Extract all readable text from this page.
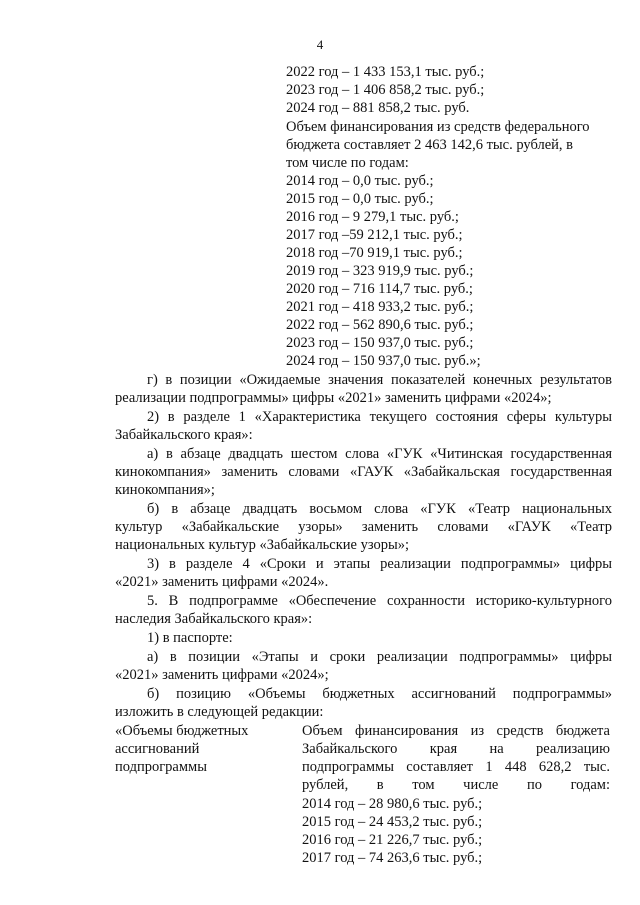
4
2022 год – 1 433 153,1 тыс. руб.;
2023 год – 1 406 858,2 тыс. руб.;
2024 год – 881 858,2 тыс. руб.
Объем финансирования из средств федерального
бюджета составляет 2 463 142,6 тыс. рублей, в
том числе по годам:
2014 год – 0,0 тыс. руб.;
2015 год – 0,0 тыс. руб.;
2016 год – 9 279,1 тыс. руб.;
2017 год –59 212,1 тыс. руб.;
2018 год –70 919,1 тыс. руб.;
2019 год – 323 919,9 тыс. руб.;
2020 год – 716 114,7 тыс. руб.;
2021 год – 418 933,2 тыс. руб.;
2022 год – 562 890,6 тыс. руб.;
2023 год – 150 937,0 тыс. руб.;
2024 год – 150 937,0 тыс. руб.»;
г) в позиции «Ожидаемые значения показателей конечных результатов
реализации подпрограммы» цифры «2021» заменить цифрами «2024»;
2) в разделе 1 «Характеристика текущего состояния сферы культуры
Забайкальского края»:
а) в абзаце двадцать шестом слова «ГУК «Читинская государственная
кинокомпания» заменить словами «ГАУК «Забайкальская государственная
кинокомпания»;
б) в абзаце двадцать восьмом слова «ГУК «Театр национальных
культур «Забайкальские узоры» заменить словами «ГАУК «Театр
национальных культур «Забайкальские узоры»;
3) в разделе 4 «Сроки и этапы реализации подпрограммы» цифры
«2021» заменить цифрами «2024».
5. В подпрограмме «Обеспечение сохранности историко-культурного
наследия Забайкальского края»:
1) в паспорте:
а) в позиции «Этапы и сроки реализации подпрограммы» цифры
«2021» заменить цифрами «2024»;
б) позицию «Объемы бюджетных ассигнований подпрограммы»
изложить в следующей редакции:
«Объемы бюджетных
ассигнований
подпрограммы
Объем финансирования из средств бюджета
Забайкальского края на реализацию
подпрограммы составляет 1 448 628,2 тыс.
рублей, в том числе по годам:
2014 год – 28 980,6 тыс. руб.;
2015 год – 24 453,2 тыс. руб.;
2016 год – 21 226,7 тыс. руб.;
2017 год – 74 263,6 тыс. руб.;
